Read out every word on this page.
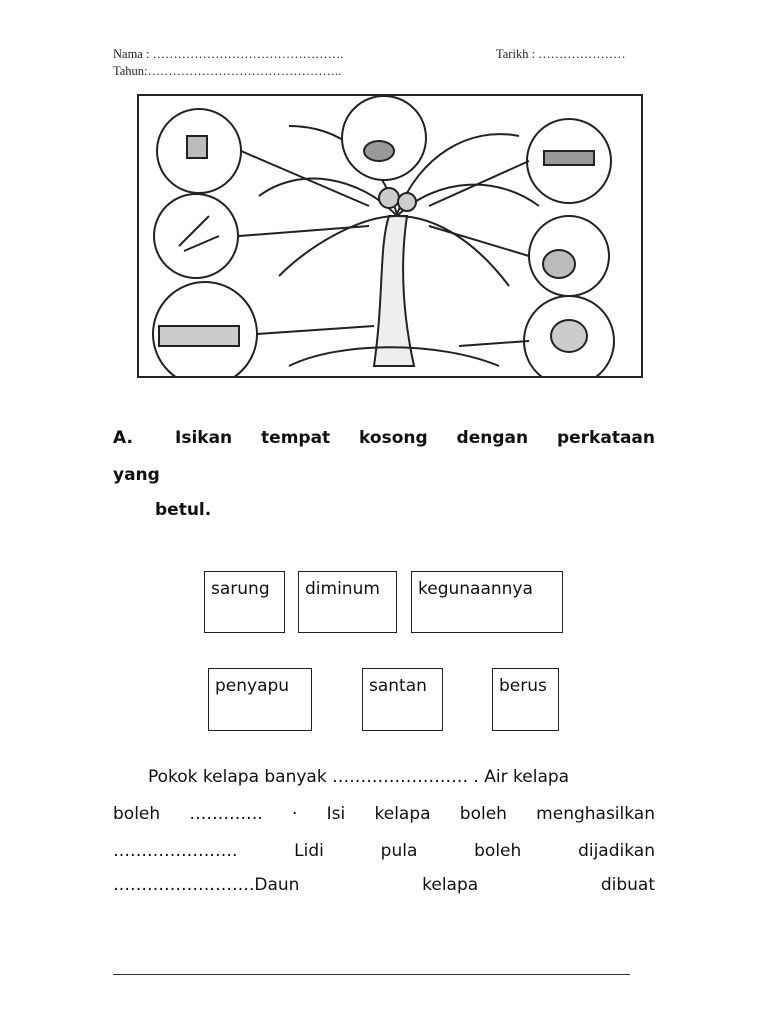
Nama : ……………………………………….	Tarikh : …………………
Tahun:………………………………………..
A. Isikan tempat kosong dengan perkataan
yang
betul.
sarung	diminum	kegunaannya
penyapu	santan	berus
Pokok kelapa banyak …………………… . Air kelapa
boleh …………. · Isi kelapa boleh menghasilkan
………………….	Lidi	pula	boleh	dijadikan
…………………….Daun	kelapa	dibuat
